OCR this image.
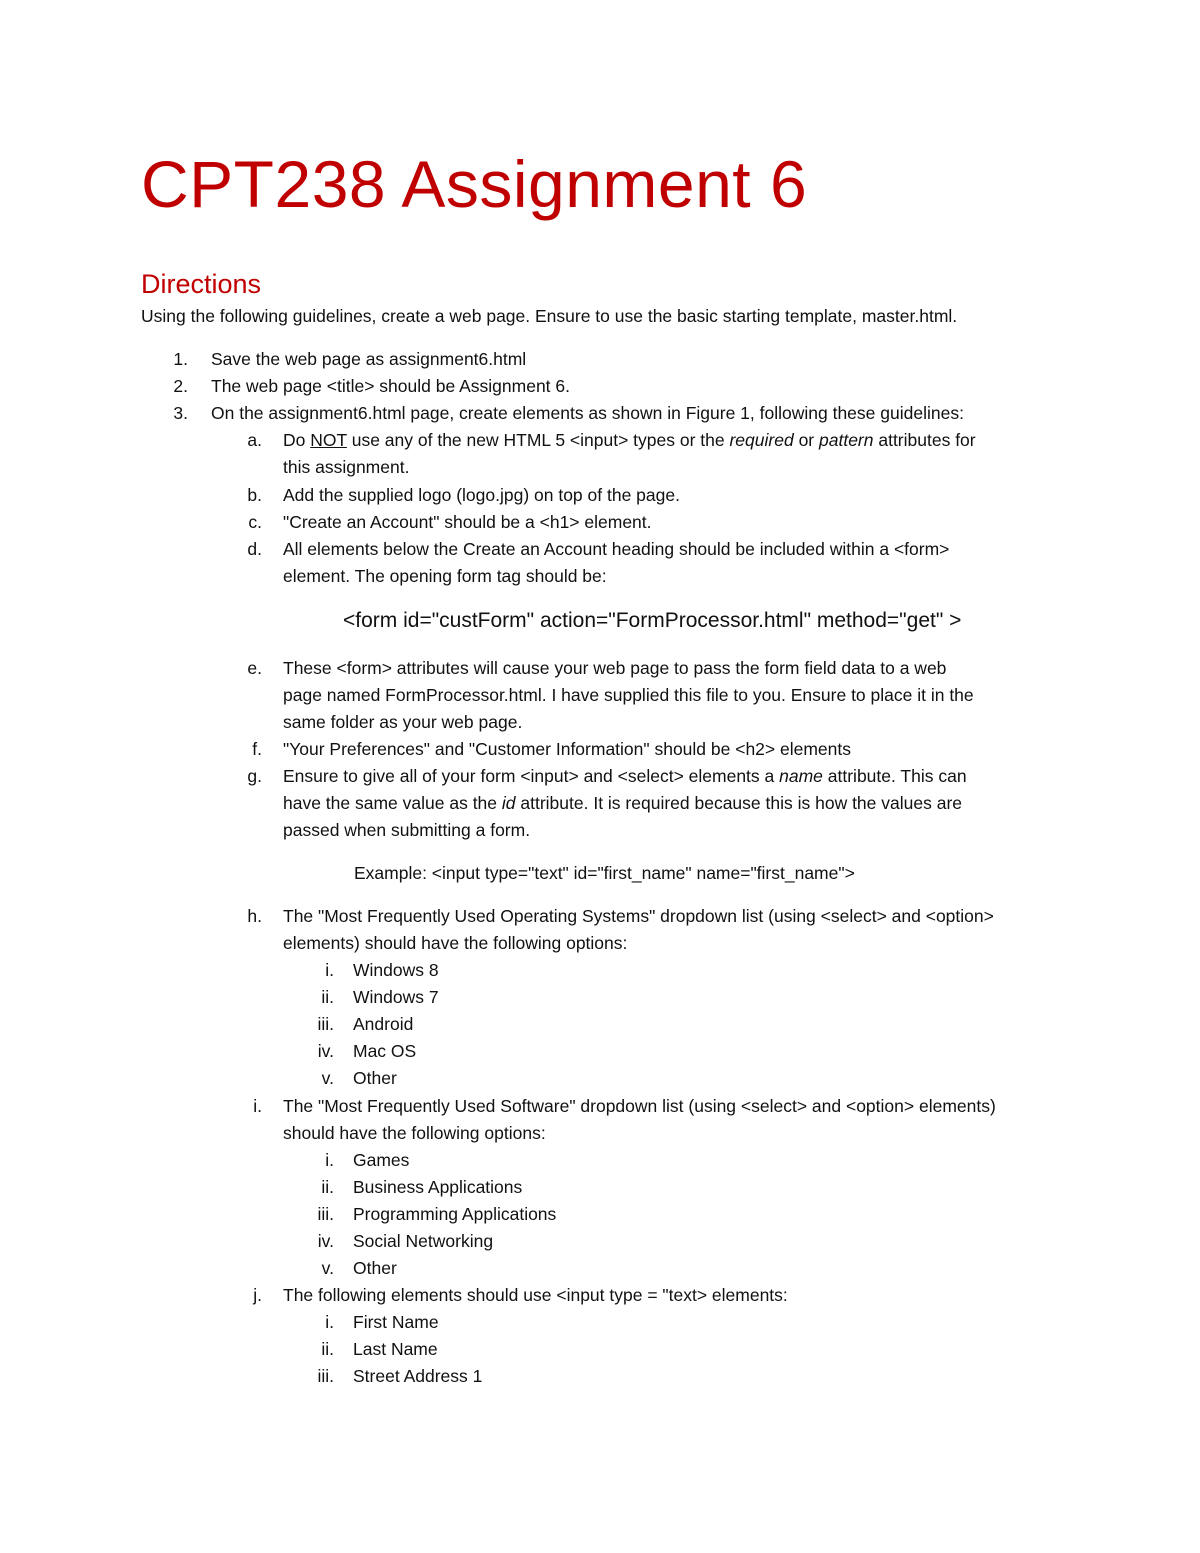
CPT238 Assignment 6
Directions
Using the following guidelines, create a web page. Ensure to use the basic starting template, master.html.
1. Save the web page as assignment6.html
2. The web page <title> should be Assignment 6.
3. On the assignment6.html page, create elements as shown in Figure 1, following these guidelines:
a. Do NOT use any of the new HTML 5 <input> types or the required or pattern attributes for
this assignment.
b. Add the supplied logo (logo.jpg) on top of the page.
c. "Create an Account" should be a <h1> element.
d. All elements below the Create an Account heading should be included within a <form>
element. The opening form tag should be:
<form id="custForm" action="FormProcessor.html" method="get" >
e. These <form> attributes will cause your web page to pass the form field data to a web
page named FormProcessor.html. I have supplied this file to you. Ensure to place it in the
same folder as your web page.
f. "Your Preferences" and "Customer Information" should be <h2> elements
g. Ensure to give all of your form <input> and <select> elements a name attribute. This can
have the same value as the id attribute. It is required because this is how the values are
passed when submitting a form.
Example: <input type="text" id="first_name" name="first_name">
h. The "Most Frequently Used Operating Systems" dropdown list (using <select> and <option>
elements) should have the following options:
i. Windows 8
ii. Windows 7
iii. Android
iv. Mac OS
v. Other
i. The "Most Frequently Used Software" dropdown list (using <select> and <option> elements)
should have the following options:
i. Games
ii. Business Applications
iii. Programming Applications
iv. Social Networking
v. Other
j. The following elements should use <input type = "text> elements:
i. First Name
ii. Last Name
iii. Street Address 1
